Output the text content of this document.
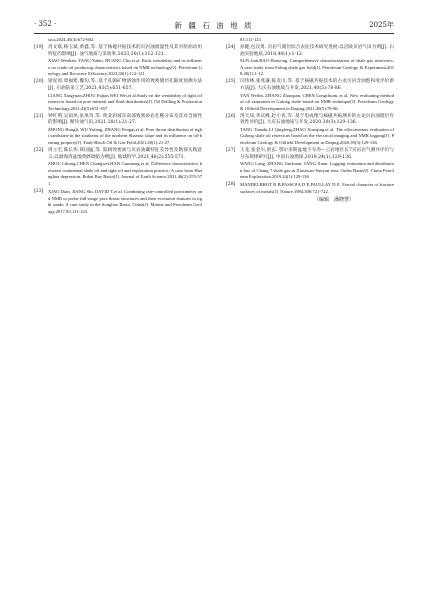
· 352 ·	新 疆 石 油 地 质	2025年
sica,2024,45(4):672-682.
[19] 肖文联,杨玉斌,黄鑫,等. 基于核磁共振技术的页岩油润湿性及其对原油动用特征的影响[J]. 油气地质与采收率,2023,30(1):112-121.
XIAO Wenlian, YANG Yubin, HUANG Chu,et al. Rock wettability and its influence on crude oil producing characteristics based on NMR technology[J]. Petroleum Geology and Recovery Efficiency,2023,30(1):112-121.
[20] 梁星原,周福建,魏旬,等. 基于孔隙矿物溶蚀作用的致密储层孔隙度预测方法[J]. 石油钻采工艺,2021,43(5):651-657.
LIANG Xingyuan,ZHOU Fujian,WEI Wei,et al.Study on the wettability of tight oil reservoir based on pore mineral and fluid distribution[J]. Oil Drilling & Production Technology,2021,43(5):651-657.
[21] 钟红利,吴雨风,张凤奇,等. 陕北斜坡东南部致密砂岩孔喉分布及其对含油性的影响[J]. 断块油气田,2021,28(1):21-27.
ZHONG Hongli, WU Yufeng, ZHANG Fengqi,et al. Pore throat distribution of tight sandstone in the southeast of the northern Shaanxi slope and its influence on oil-bearing property[J]. Fault-Block Oil & Gas Field,2021,28(1):21-27.
[22] 周立宏,陈长伟,韩国猛,等. 陆相致密油与页岩油藏特征差异性及勘探实践意义:以渤海湾盆地黄骅坳陷为例[J]. 地球科学,2021,46(2):555-571.
ZHOU Lihong,CHEN Changwei,HAN Guomeng,et al. Difference characteristics between continental shale oil and tight oil and exploration practice: A case from Huanghua depression, Bohai Bay Basin[J]. Journal of Earth Science,2021,46(2):555-571.
[23] XIAO Dian, JIANG Shi, DAVID T,et al. Combining rate-controlled porosimetry and NMR to probe full-range pore throat structures and their evolution features in tight sands: A case study in the Songliao Basin, China[J]. Marine and Petroleum Geology,2017,83:111-123.
83:111-123.
[24] 孙健,包汉勇. 页岩气储层综合表征技术研究进展:以涪陵页岩气田为例[J]. 石油实验地质,2018,40(1):1-12.
SUN Jian,BAO Hanyong. Comprehensive characterization of shale gas reservoirs: A case study from Fuling shale gas field[J]. Petroleum Geology & Experiment,2018,40(1):1-12.
[25] 闫伟林,张兆谦,陈龙川,等. 基于核磁共振技术的古龙页岩含油饱和度评价新方法[J]. 大庆石油地质与开发,2021,40(5):78-86.
YAN Weilin, ZHANG Zhaoqian, CHEN Longchuan, et al. New evaluating method of oil saturation in Gulong shale based on NMR technique[J]. Petroleum Geology & Oilfield Development in Daqing,2021,40(5):78-86.
[26] 汤天知,李庆峰,赵小青,等. 基于电成像与核磁共振测井的古龙页岩油储层有效性评价[J]. 大庆石油地质与开发,2020,39(3):129-136.
TANG Tianzhi,LI Qingfeng,ZHAO Xiaoqing,et al. The effectiveness evaluation of Gulong shale oil reservoirs based on the electrical imaging and NMR logging[J]. Petroleum Geology & Oilfield Development in Daqing,2020,39(3):129-136.
[27] 王龙,张金川,唐玄. 鄂尔多斯盆地下寺湾—云岩地区长7页岩岩气测井评价与分布规律研究[J]. 中国石油勘探,2019,24(1):129-136.
WANG Long, ZHANG Jinchuan, TANG Xuan. Logging evaluation and distribution law of Chang 7 shale gas in Xiasiwan-Yunyan area, Ordos Basin[J]. China Petroleum Exploration,2019,24(1):129-136.
[28] MANDELBROT B B,PASSOJA D E,PAULLAY D E. Fractal character of fracture surfaces of metals[J]. Nature,1984,308:721-722.
（编辑　潘晓慧）
